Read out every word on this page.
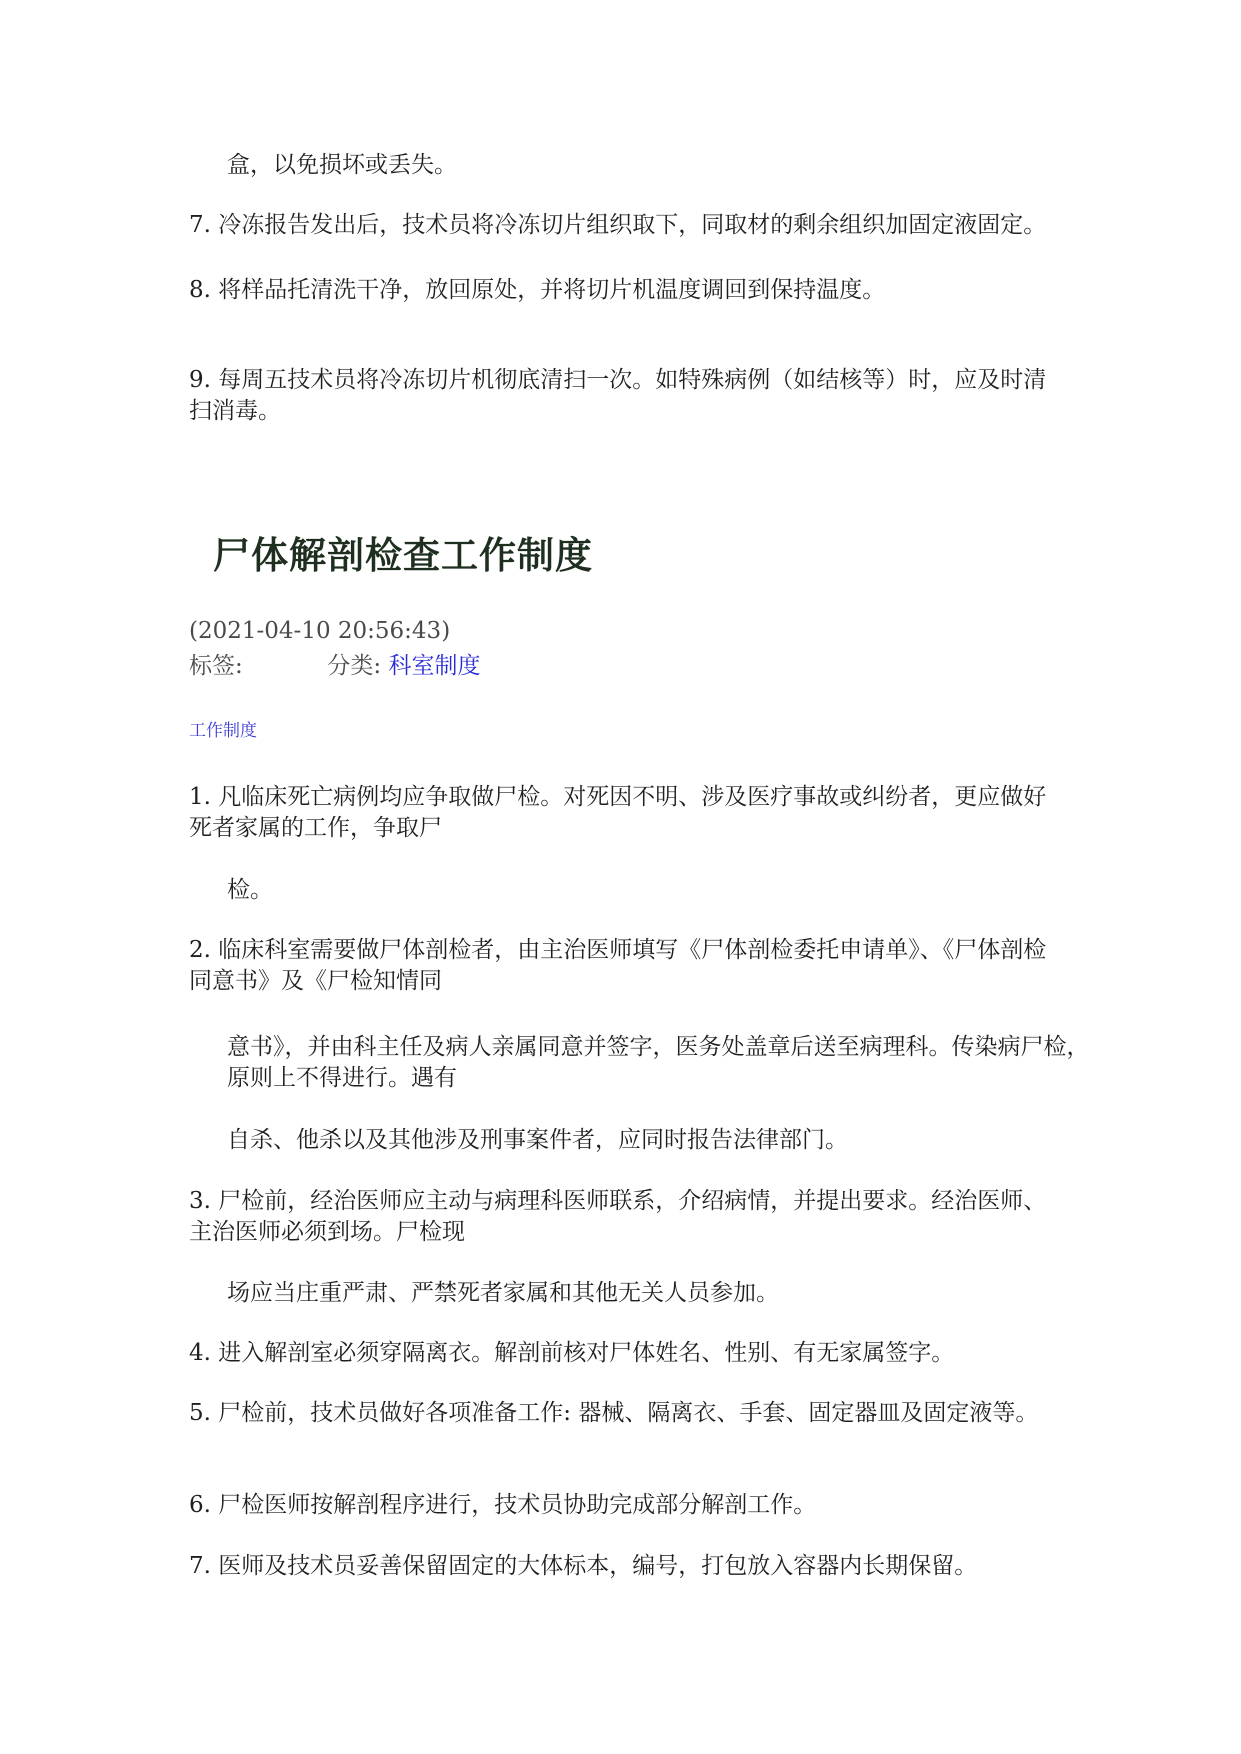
盒，以免损坏或丢失。

7. 冷冻报告发出后，技术员将冷冻切片组织取下，同取材的剩余组织加固定液固定。

8. 将样品托清洗干净，放回原处，并将切片机温度调回到保持温度。

9. 每周五技术员将冷冻切片机彻底清扫一次。如特殊病例（如结核等）时，应及时清扫消毒。

尸体解剖检查工作制度
(2021-04-10 20:56:43)
标签:	分类: 科室制度
工作制度

1. 凡临床死亡病例均应争取做尸检。对死因不明、涉及医疗事故或纠纷者，更应做好死者家属的工作，争取尸

检。

2. 临床科室需要做尸体剖检者，由主治医师填写《尸体剖检委托申请单》、《尸体剖检同意书》及《尸检知情同

意书》，并由科主任及病人亲属同意并签字，医务处盖章后送至病理科。传染病尸检，原则上不得进行。遇有

自杀、他杀以及其他涉及刑事案件者，应同时报告法律部门。

3. 尸检前，经治医师应主动与病理科医师联系，介绍病情，并提出要求。经治医师、主治医师必须到场。尸检现

场应当庄重严肃、严禁死者家属和其他无关人员参加。

4. 进入解剖室必须穿隔离衣。解剖前核对尸体姓名、性别、有无家属签字。

5. 尸检前，技术员做好各项准备工作: 器械、隔离衣、手套、固定器皿及固定液等。

6. 尸检医师按解剖程序进行，技术员协助完成部分解剖工作。

7. 医师及技术员妥善保留固定的大体标本，编号，打包放入容器内长期保留。
